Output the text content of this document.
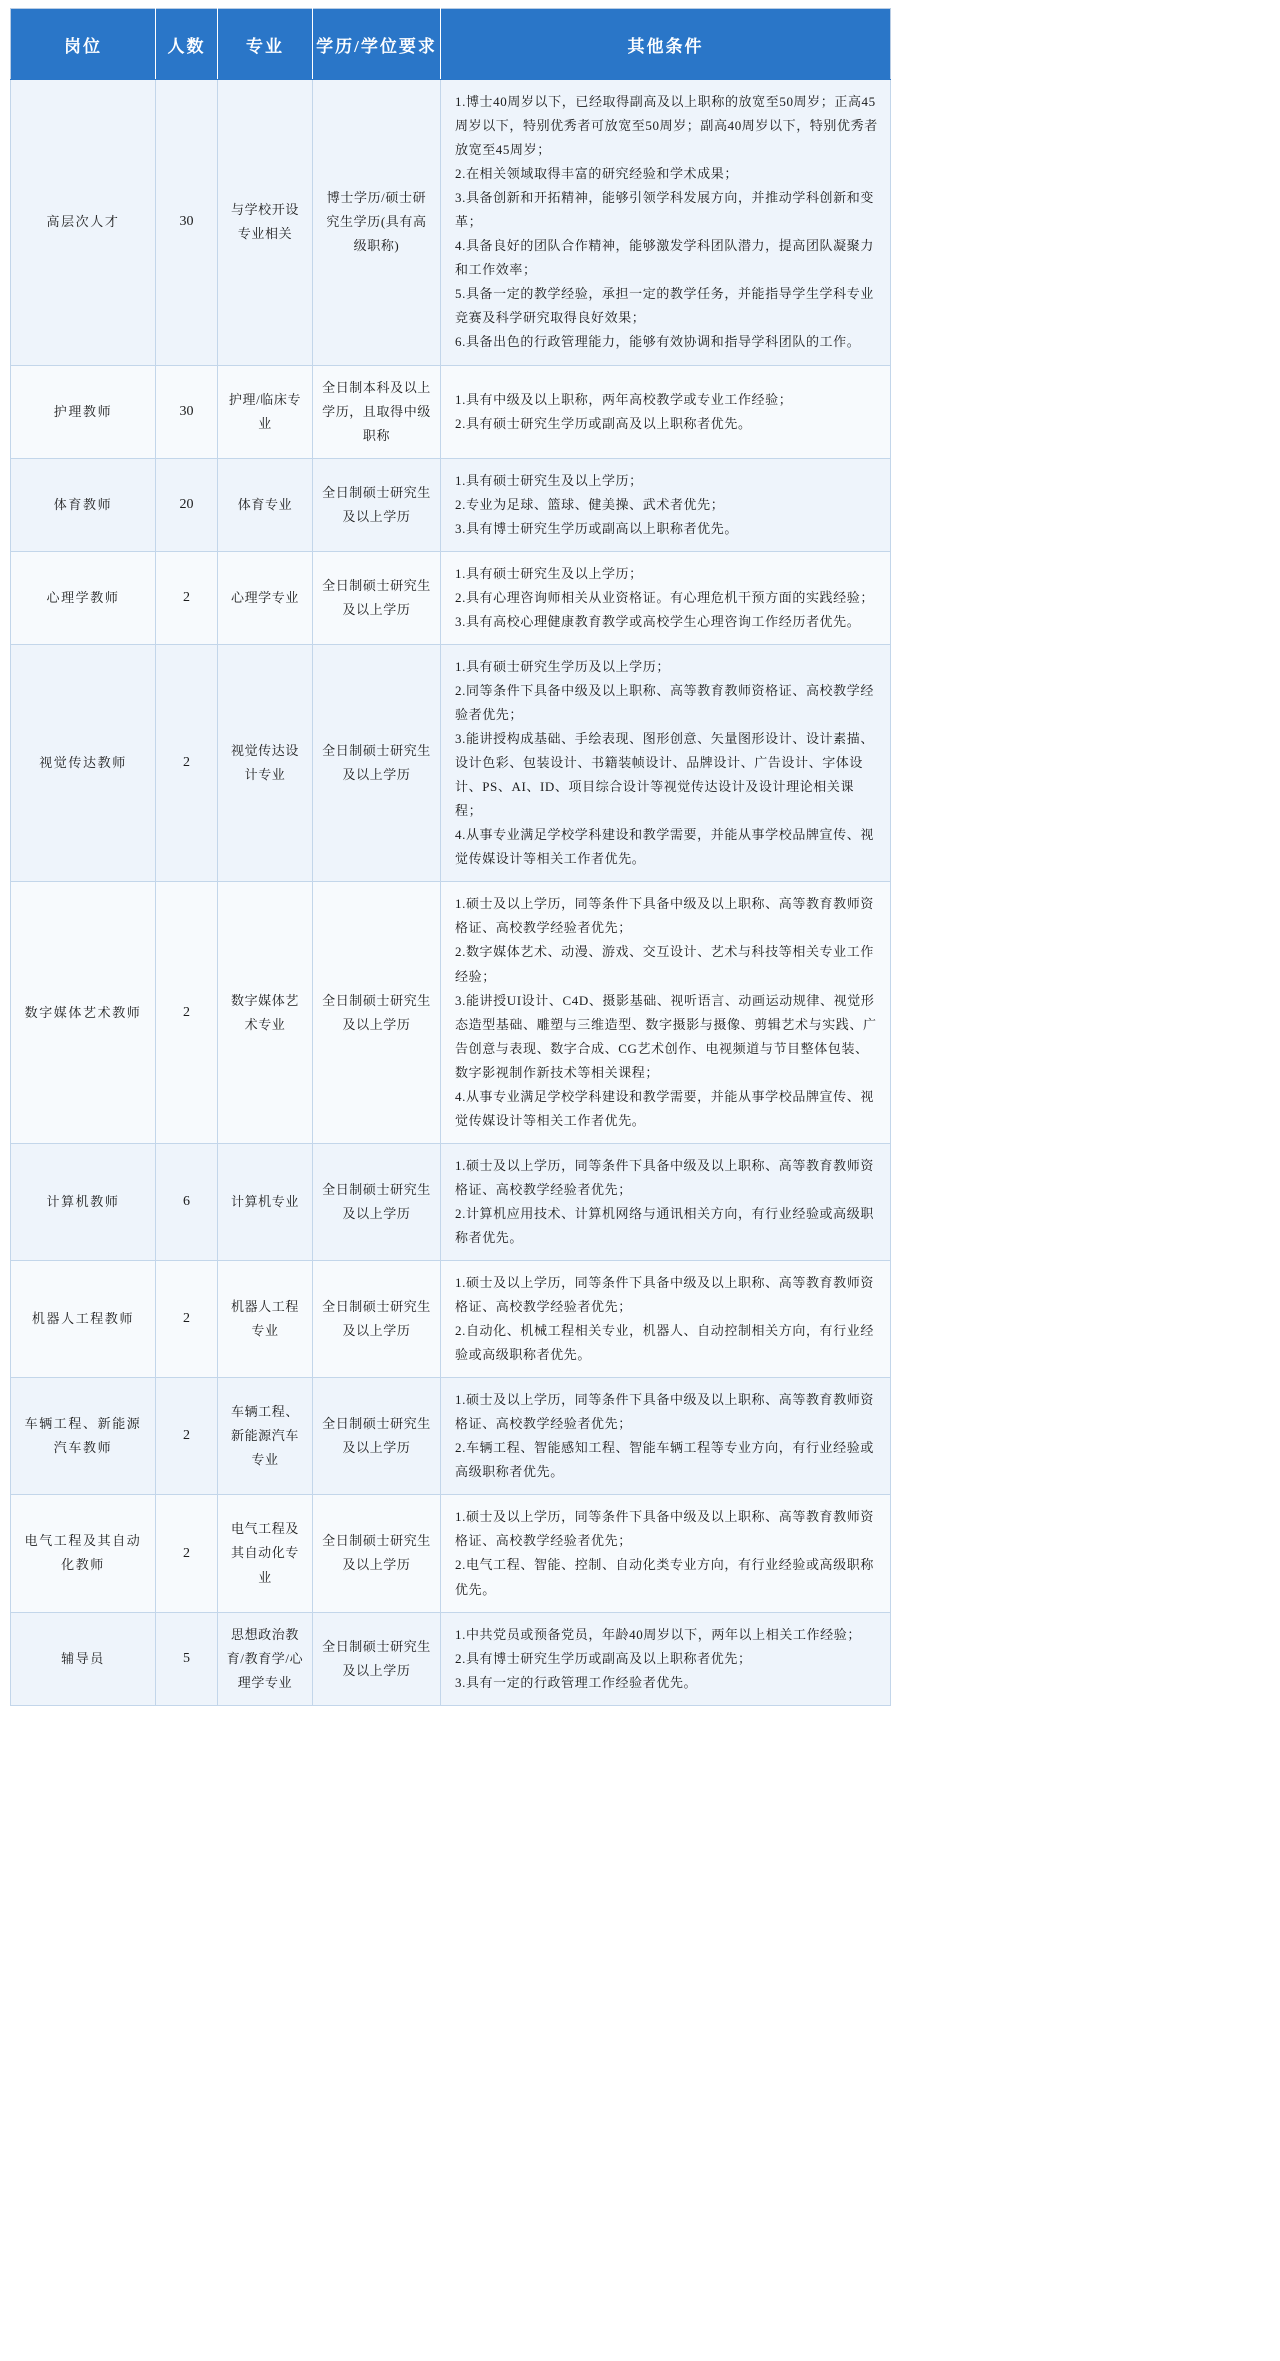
岗位	人数	专业	学历/学位要求	其他条件
高层次人才	30	与学校开设专业相关	博士学历/硕士研究生学历(具有高级职称)	
1.博士40周岁以下，已经取得副高及以上职称的放宽至50周岁；正高45周岁以下，特别优秀者可放宽至50周岁；副高40周岁以下，特别优秀者放宽至45周岁；
2.在相关领域取得丰富的研究经验和学术成果；
3.具备创新和开拓精神，能够引领学科发展方向，并推动学科创新和变革；
4.具备良好的团队合作精神，能够激发学科团队潜力，提高团队凝聚力和工作效率；
5.具备一定的教学经验，承担一定的教学任务，并能指导学生学科专业竞赛及科学研究取得良好效果；
6.具备出色的行政管理能力，能够有效协调和指导学科团队的工作。

护理教师	30	护理/临床专业	全日制本科及以上学历，且取得中级职称	1.具有中级及以上职称，两年高校教学或专业工作经验；
2.具有硕士研究生学历或副高及以上职称者优先。

体育教师	20	体育专业	全日制硕士研究生及以上学历	1.具有硕士研究生及以上学历；
2.专业为足球、篮球、健美操、武术者优先；
3.具有博士研究生学历或副高以上职称者优先。

心理学教师	2	心理学专业	全日制硕士研究生及以上学历	1.具有硕士研究生及以上学历；
2.具有心理咨询师相关从业资格证。有心理危机干预方面的实践经验；
3.具有高校心理健康教育教学或高校学生心理咨询工作经历者优先。

视觉传达教师	2	视觉传达设计专业	全日制硕士研究生及以上学历	1.具有硕士研究生学历及以上学历；
2.同等条件下具备中级及以上职称、高等教育教师资格证、高校教学经验者优先；
3.能讲授构成基础、手绘表现、图形创意、矢量图形设计、设计素描、设计色彩、包装设计、书籍装帧设计、品牌设计、广告设计、字体设计、PS、AI、ID、项目综合设计等视觉传达设计及设计理论相关课程；
4.从事专业满足学校学科建设和教学需要，并能从事学校品牌宣传、视觉传媒设计等相关工作者优先。

数字媒体艺术教师	2	数字媒体艺术专业	全日制硕士研究生及以上学历	1.硕士及以上学历，同等条件下具备中级及以上职称、高等教育教师资格证、高校教学经验者优先；
2.数字媒体艺术、动漫、游戏、交互设计、艺术与科技等相关专业工作经验；
3.能讲授UI设计、C4D、摄影基础、视听语言、动画运动规律、视觉形态造型基础、雕塑与三维造型、数字摄影与摄像、剪辑艺术与实践、广告创意与表现、数字合成、CG艺术创作、电视频道与节目整体包装、数字影视制作新技术等相关课程；
4.从事专业满足学校学科建设和教学需要，并能从事学校品牌宣传、视觉传媒设计等相关工作者优先。

计算机教师	6	计算机专业	全日制硕士研究生及以上学历	1.硕士及以上学历，同等条件下具备中级及以上职称、高等教育教师资格证、高校教学经验者优先；
2.计算机应用技术、计算机网络与通讯相关方向，有行业经验或高级职称者优先。

机器人工程教师	2	机器人工程专业	全日制硕士研究生及以上学历	1.硕士及以上学历，同等条件下具备中级及以上职称、高等教育教师资格证、高校教学经验者优先；
2.自动化、机械工程相关专业，机器人、自动控制相关方向，有行业经验或高级职称者优先。

车辆工程、新能源汽车教师	2	车辆工程、新能源汽车专业	全日制硕士研究生及以上学历	1.硕士及以上学历，同等条件下具备中级及以上职称、高等教育教师资格证、高校教学经验者优先；
2.车辆工程、智能感知工程、智能车辆工程等专业方向，有行业经验或高级职称者优先。

电气工程及其自动化教师	2	电气工程及其自动化专业	全日制硕士研究生及以上学历	1.硕士及以上学历，同等条件下具备中级及以上职称、高等教育教师资格证、高校教学经验者优先；
2.电气工程、智能、控制、自动化类专业方向，有行业经验或高级职称优先。

辅导员	5	思想政治教育/教育学/心理学专业	全日制硕士研究生及以上学历	1.中共党员或预备党员，年龄40周岁以下，两年以上相关工作经验；
2.具有博士研究生学历或副高及以上职称者优先；
3.具有一定的行政管理工作经验者优先。
